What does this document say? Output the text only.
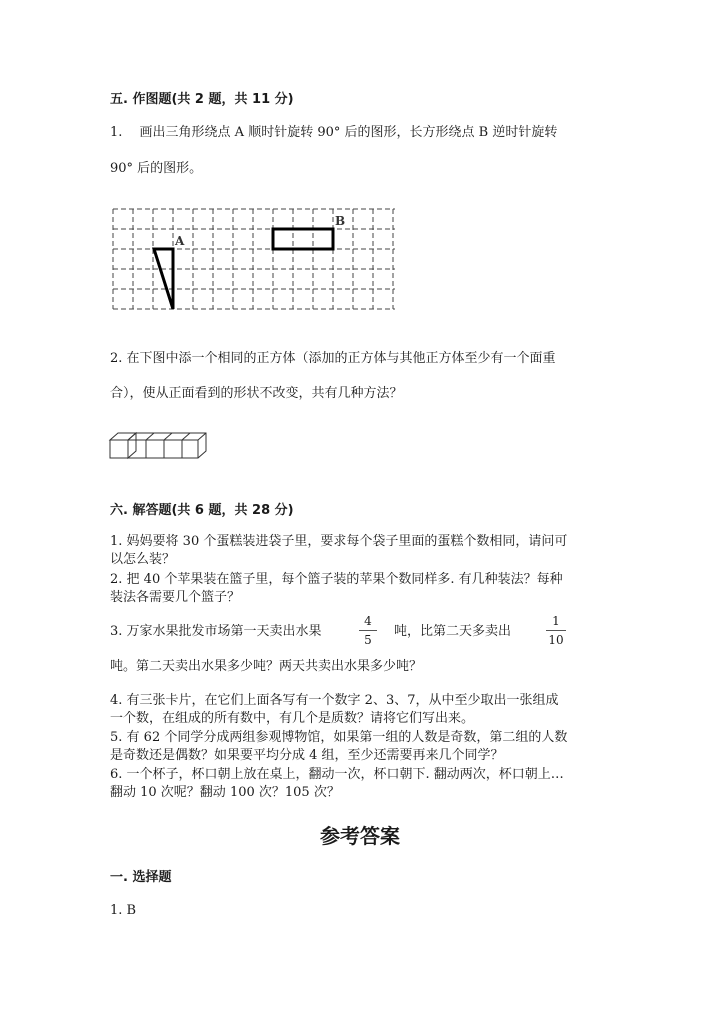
五. 作图题(共 2 题，共 11 分)
1.　 画出三角形绕点 A 顺时针旋转 90° 后的图形，长方形绕点 B 逆时针旋转
90° 后的图形。
A
B
2. 在下图中添一个相同的正方体（添加的正方体与其他正方体至少有一个面重
合），使从正面看到的形状不改变，共有几种方法？
六. 解答题(共 6 题，共 28 分)
1. 妈妈要将 30 个蛋糕装进袋子里，要求每个袋子里面的蛋糕个数相同，请问可
以怎么装？
2. 把 40 个苹果装在篮子里，每个篮子装的苹果个数同样多. 有几种装法？每种
装法各需要几个篮子？
3. 万家水果批发市场第一天卖出水果
4
5
吨，比第二天多卖出
1
10
吨。第二天卖出水果多少吨？两天共卖出水果多少吨？
4. 有三张卡片，在它们上面各写有一个数字 2、3、7，从中至少取出一张组成
一个数，在组成的所有数中，有几个是质数？请将它们写出来。
5. 有 62 个同学分成两组参观博物馆，如果第一组的人数是奇数，第二组的人数
是奇数还是偶数？如果要平均分成 4 组，至少还需要再来几个同学？
6. 一个杯子，杯口朝上放在桌上，翻动一次，杯口朝下. 翻动两次，杯口朝上…
翻动 10 次呢？翻动 100 次？105 次？
参考答案
一. 选择题
1. B
